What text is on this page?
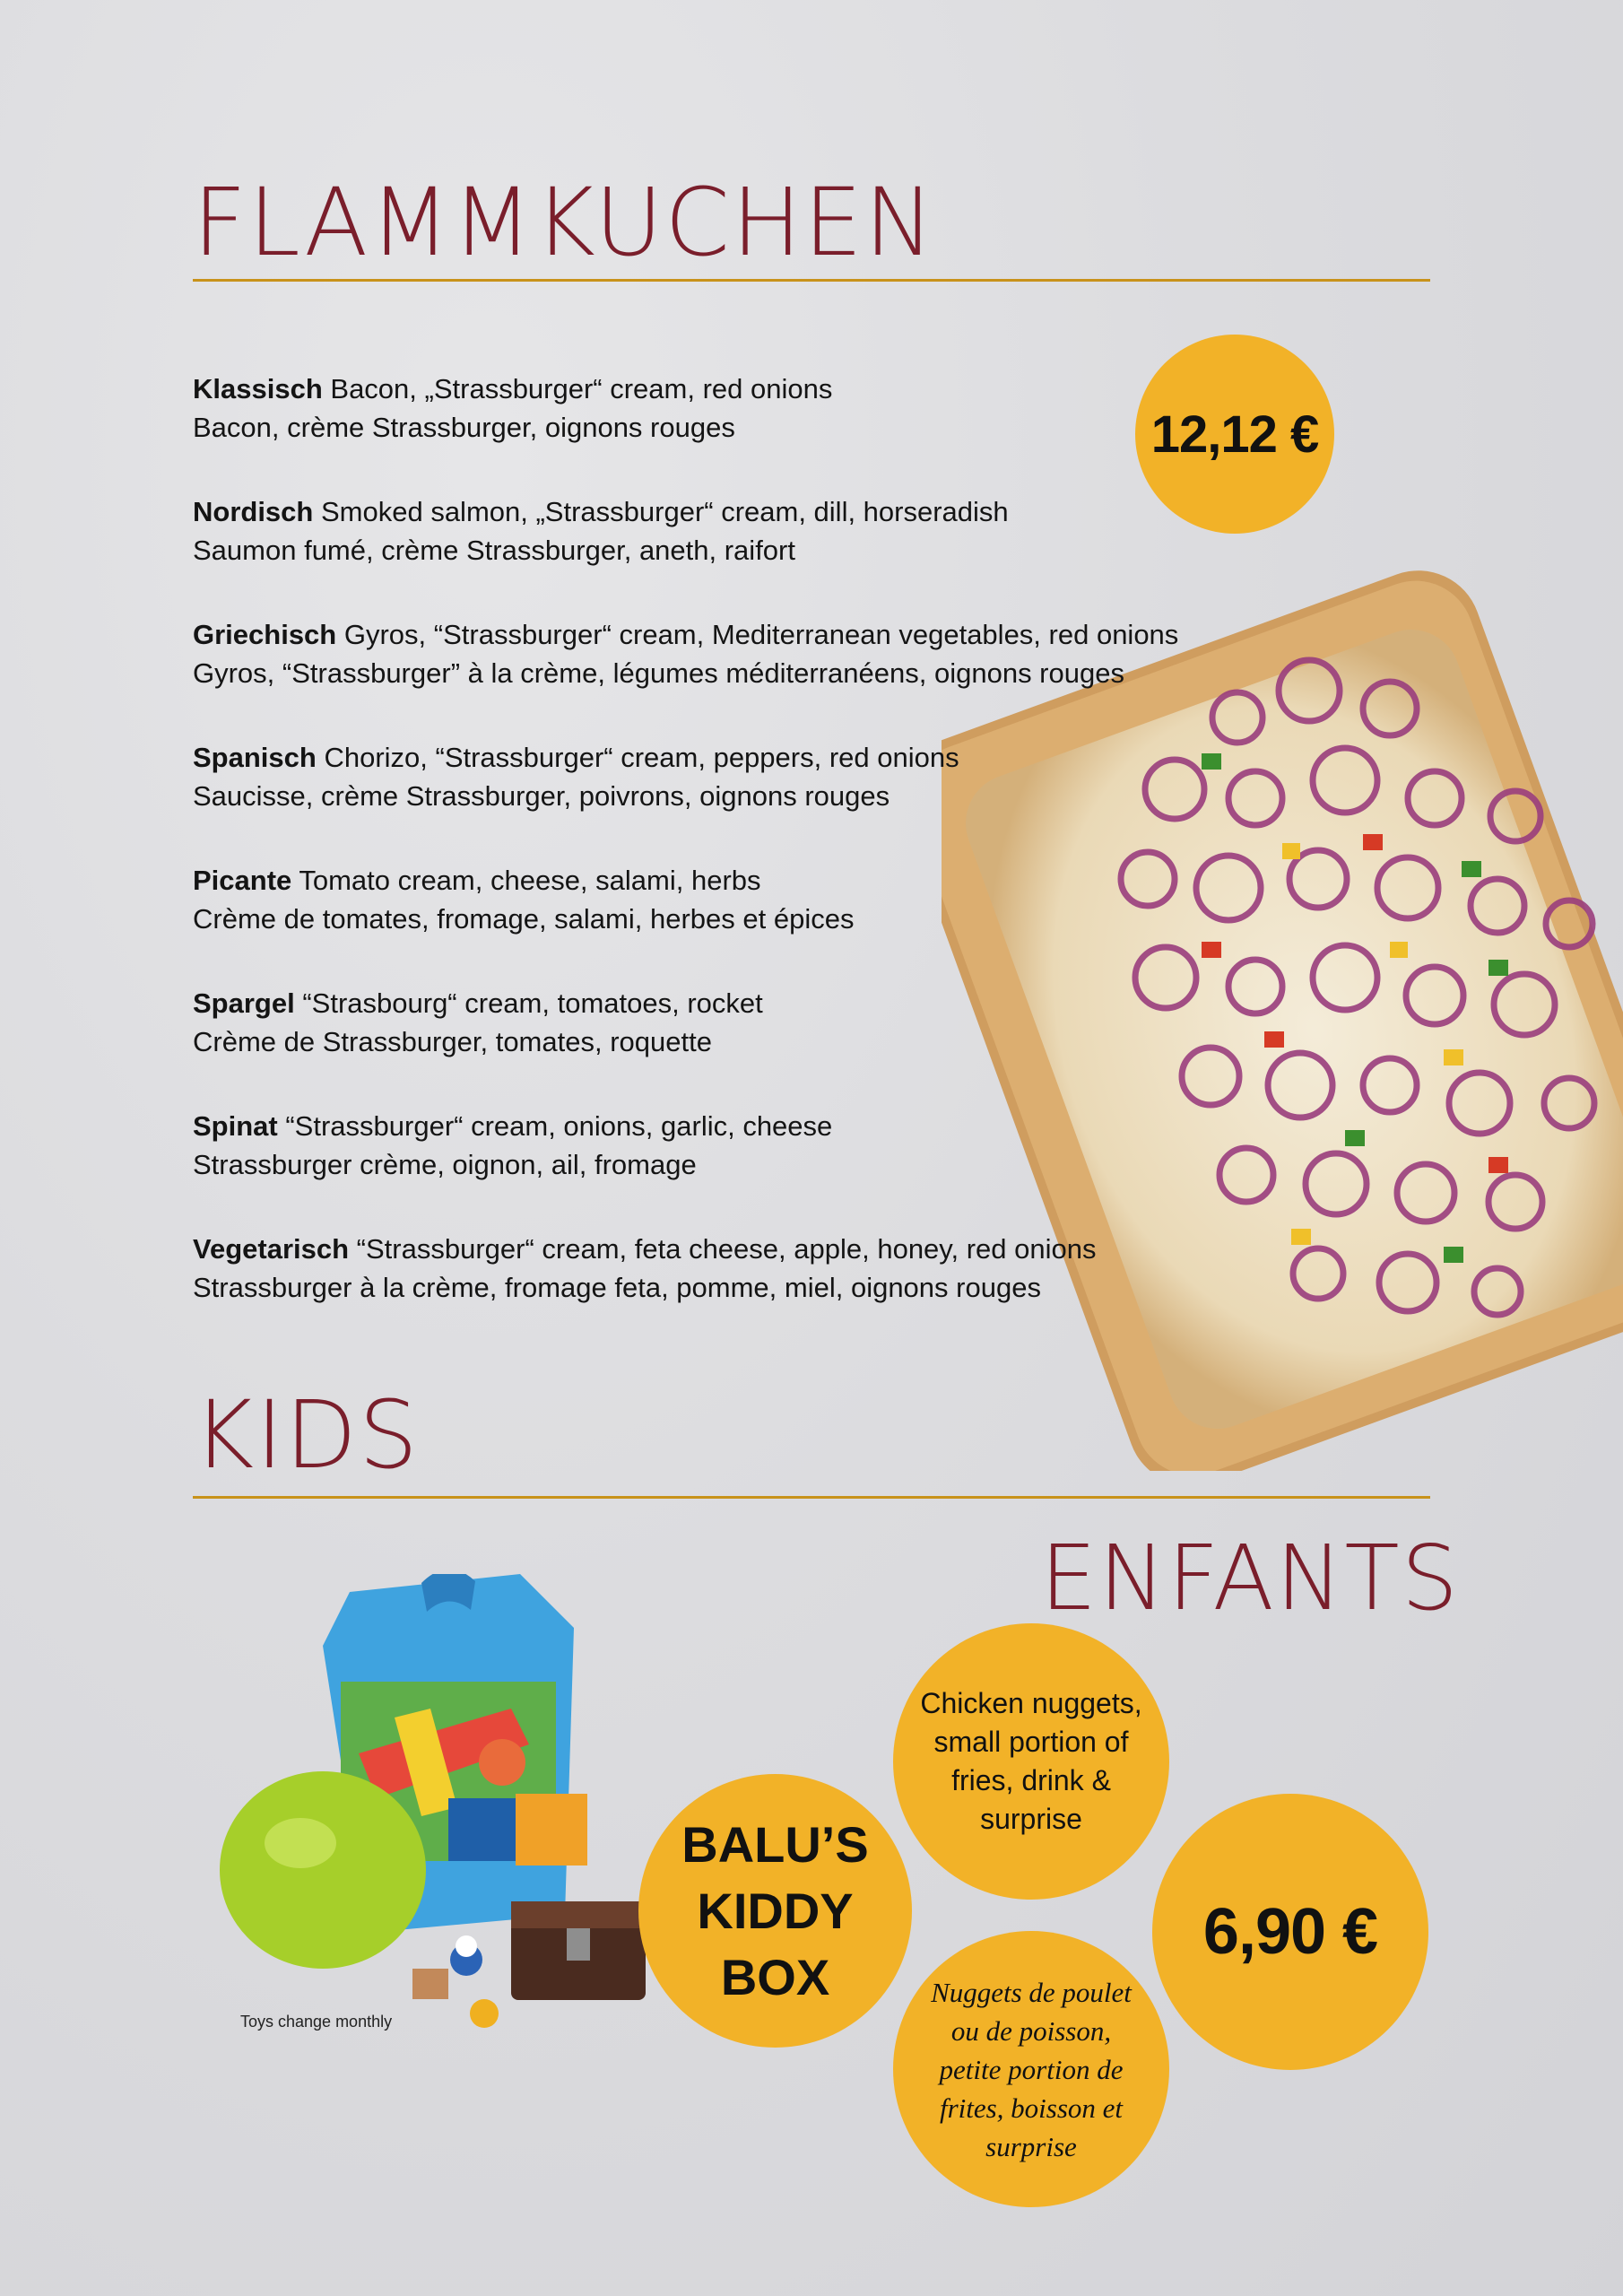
FLAMMKUCHEN
12,12 €
Klassisch Bacon, „Strassburger“ cream, red onions
Bacon, crème Strassburger, oignons rouges
Nordisch Smoked salmon, „Strassburger“ cream, dill, horseradish
Saumon fumé, crème Strassburger, aneth, raifort
Griechisch Gyros, “Strassburger“ cream, Mediterranean vegetables, red onions
Gyros, “Strassburger” à la crème, légumes méditerranéens, oignons rouges
Spanisch Chorizo, “Strassburger“ cream, peppers, red onions
Saucisse, crème Strassburger, poivrons, oignons rouges
Picante Tomato cream, cheese, salami, herbs
Crème de tomates, fromage, salami, herbes et épices
Spargel “Strasbourg“ cream, tomatoes, rocket
Crème de Strassburger, tomates, roquette
Spinat “Strassburger“ cream, onions, garlic, cheese
Strassburger crème, oignon, ail, fromage
Vegetarisch “Strassburger“ cream, feta cheese, apple, honey, red onions
Strassburger à la crème, fromage feta, pomme, miel, oignons rouges
KIDS
ENFANTS
Toys change monthly
BALU’S
KIDDY
BOX
Chicken nuggets, small portion of fries, drink & surprise
Nuggets de poulet ou de poisson, petite portion de frites, boisson et surprise
6,90 €
